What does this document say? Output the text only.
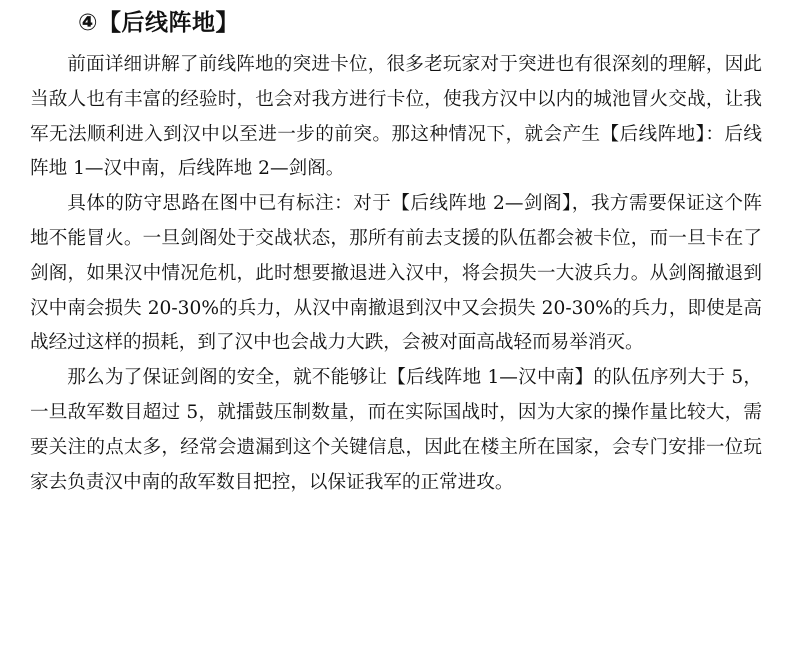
④【后线阵地】

前面详细讲解了前线阵地的突进卡位，很多老玩家对于突进也有很深刻的理解，因此当敌人也有丰富的经验时，也会对我方进行卡位，使我方汉中以内的城池冒火交战，让我军无法顺利进入到汉中以至进一步的前突。那这种情况下，就会产生【后线阵地】：后线阵地 1—汉中南，后线阵地 2—剑阁。

具体的防守思路在图中已有标注：对于【后线阵地 2—剑阁】，我方需要保证这个阵地不能冒火。一旦剑阁处于交战状态，那所有前去支援的队伍都会被卡位，而一旦卡在了剑阁，如果汉中情况危机，此时想要撤退进入汉中，将会损失一大波兵力。从剑阁撤退到汉中南会损失 20-30%的兵力，从汉中南撤退到汉中又会损失 20-30%的兵力，即使是高战经过这样的损耗，到了汉中也会战力大跌，会被对面高战轻而易举消灭。

那么为了保证剑阁的安全，就不能够让【后线阵地 1—汉中南】的队伍序列大于 5，一旦敌军数目超过 5，就擂鼓压制数量，而在实际国战时，因为大家的操作量比较大，需要关注的点太多，经常会遗漏到这个关键信息，因此在楼主所在国家，会专门安排一位玩家去负责汉中南的敌军数目把控，以保证我军的正常进攻。
